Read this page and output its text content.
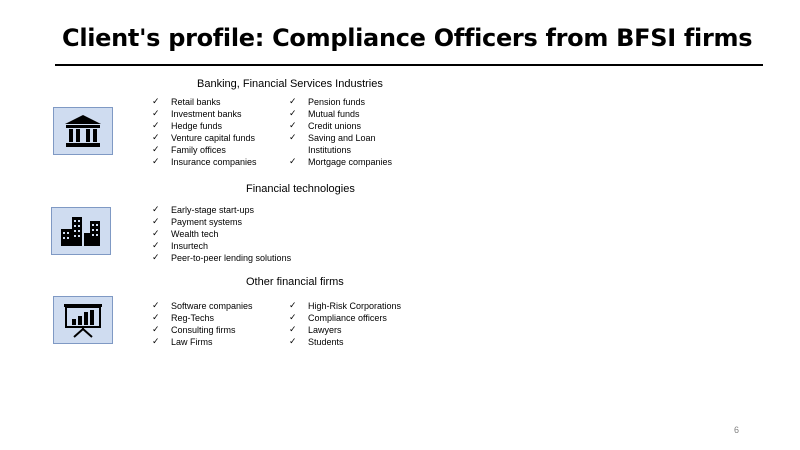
Client's profile: Compliance Officers from BFSI firms
Banking, Financial Services Industries
✓ Retail banks
✓ Investment banks
✓ Hedge funds
✓ Venture capital funds
✓ Family offices
✓ Insurance companies
✓ Pension funds
✓ Mutual funds
✓ Credit unions
✓ Saving and Loan
Institutions
✓ Mortgage companies
Financial technologies
✓ Early-stage start-ups
✓ Payment systems
✓ Wealth tech
✓ Insurtech
✓ Peer-to-peer lending solutions
Other financial firms
✓ Software companies
✓ Reg-Techs
✓ Consulting firms
✓ Law Firms
✓ High-Risk Corporations
✓ Compliance officers
✓ Lawyers
✓ Students
6
